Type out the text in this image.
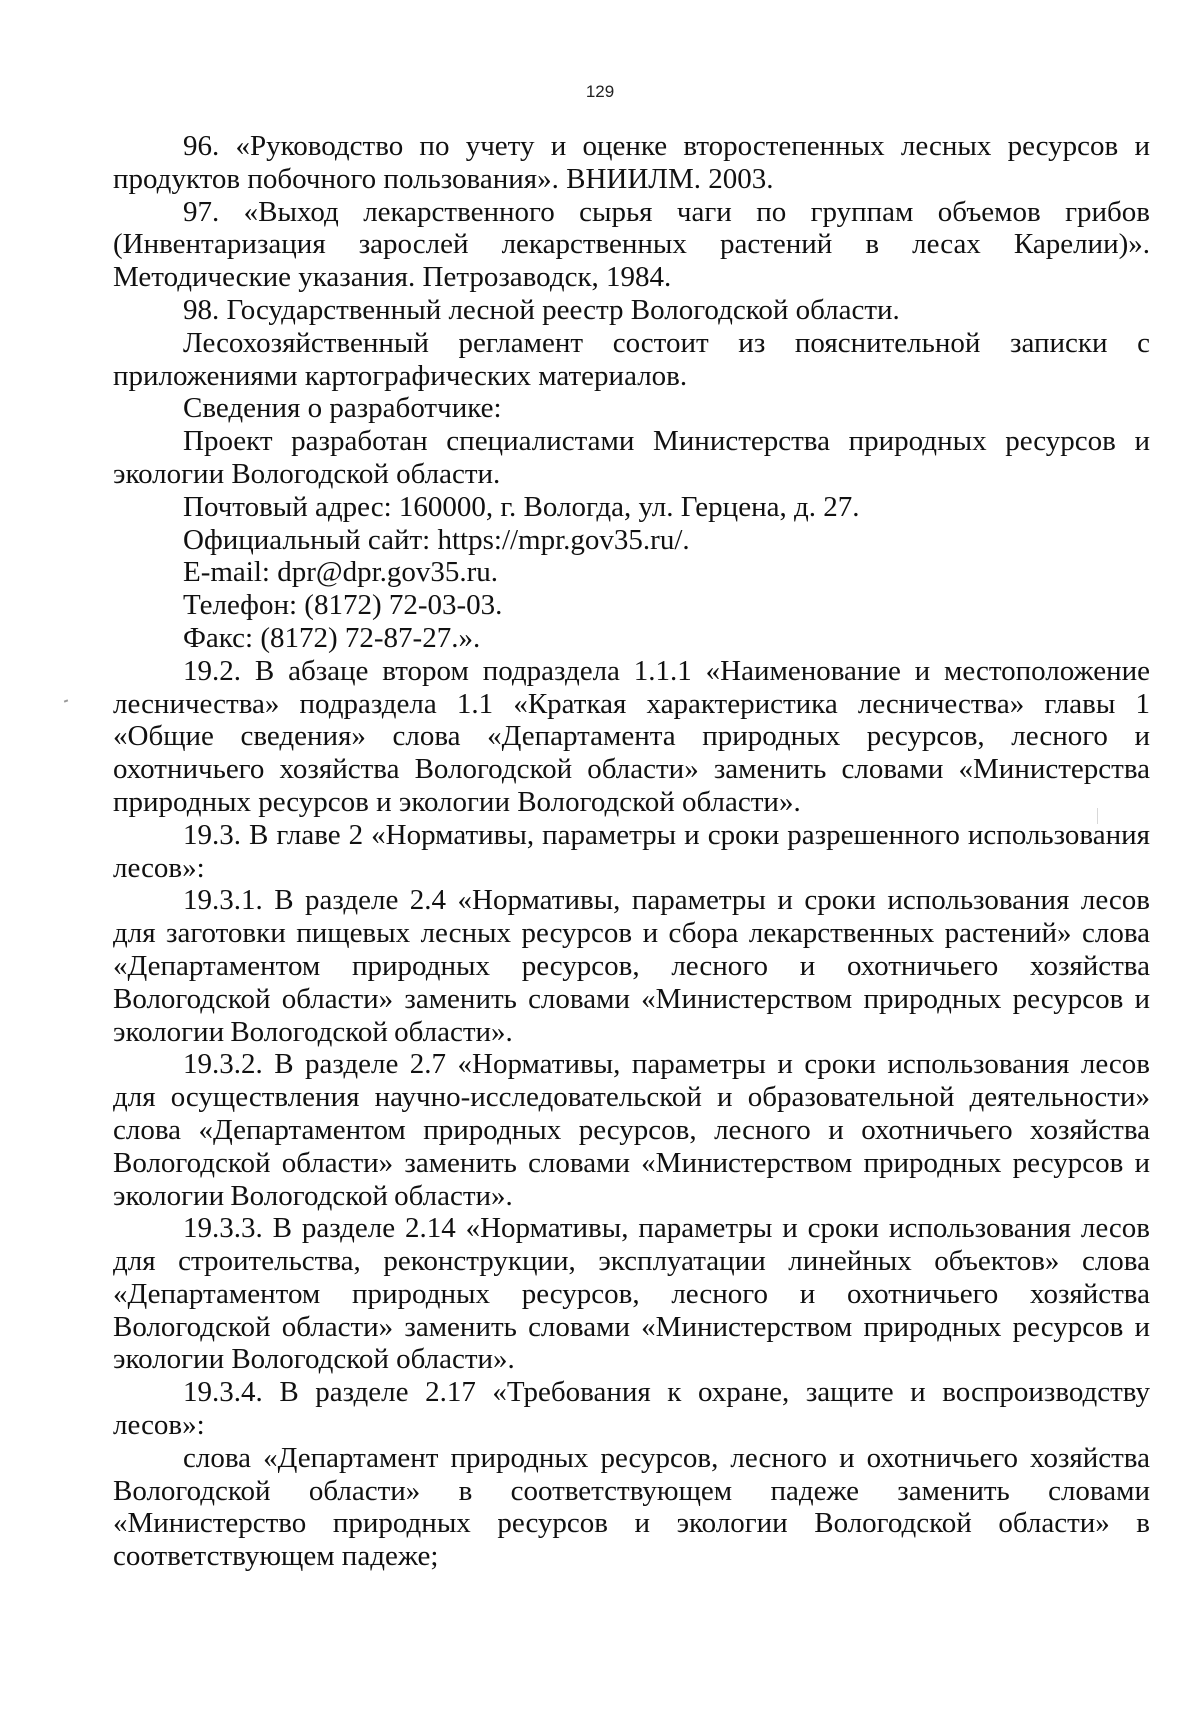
129

96. «Руководство по учету и оценке второстепенных лесных ресурсов и продуктов побочного пользования». ВНИИЛМ. 2003.

97. «Выход лекарственного сырья чаги по группам объемов грибов (Инвентаризация зарослей лекарственных растений в лесах Карелии)». Методические указания. Петрозаводск, 1984.

98. Государственный лесной реестр Вологодской области.

Лесохозяйственный регламент состоит из пояснительной записки с приложениями картографических материалов.

Сведения о разработчике:

Проект разработан специалистами Министерства природных ресурсов и экологии Вологодской области.

Почтовый адрес: 160000, г. Вологда, ул. Герцена, д. 27.

Официальный сайт: https://mpr.gov35.ru/.

E-mail: dpr@dpr.gov35.ru.

Телефон: (8172) 72-03-03.

Факс: (8172) 72-87-27.».

19.2. В абзаце втором подраздела 1.1.1 «Наименование и местоположение лесничества» подраздела 1.1 «Краткая характеристика лесничества» главы 1 «Общие сведения» слова «Департамента природных ресурсов, лесного и охотничьего хозяйства Вологодской области» заменить словами «Министерства природных ресурсов и экологии Вологодской области».

19.3. В главе 2 «Нормативы, параметры и сроки разрешенного использования лесов»:

19.3.1. В разделе 2.4 «Нормативы, параметры и сроки использования лесов для заготовки пищевых лесных ресурсов и сбора лекарственных растений» слова «Департаментом природных ресурсов, лесного и охотничьего хозяйства Вологодской области» заменить словами «Министерством природных ресурсов и экологии Вологодской области».

19.3.2. В разделе 2.7 «Нормативы, параметры и сроки использования лесов для осуществления научно-исследовательской и образовательной деятельности» слова «Департаментом природных ресурсов, лесного и охотничьего хозяйства Вологодской области» заменить словами «Министерством природных ресурсов и экологии Вологодской области».

19.3.3. В разделе 2.14 «Нормативы, параметры и сроки использования лесов для строительства, реконструкции, эксплуатации линейных объектов» слова «Департаментом природных ресурсов, лесного и охотничьего хозяйства Вологодской области» заменить словами «Министерством природных ресурсов и экологии Вологодской области».

19.3.4. В разделе 2.17 «Требования к охране, защите и воспроизводству лесов»:

слова «Департамент природных ресурсов, лесного и охотничьего хозяйства Вологодской области» в соответствующем падеже заменить словами «Министерство природных ресурсов и экологии Вологодской области» в соответствующем падеже;
